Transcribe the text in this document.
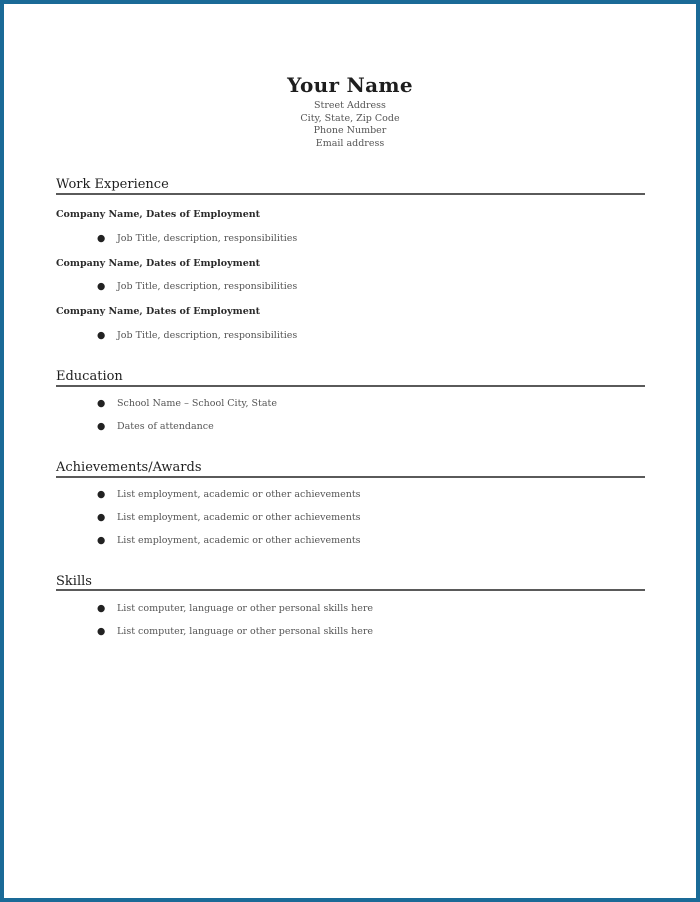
Your Name
Street Address
City, State, Zip Code
Phone Number
Email address
Work Experience
Company Name, Dates of Employment
● Job Title, description, responsibilities
Company Name, Dates of Employment
● Job Title, description, responsibilities
Company Name, Dates of Employment
● Job Title, description, responsibilities
Education
● School Name – School City, State
● Dates of attendance
Achievements/Awards
● List employment, academic or other achievements
● List employment, academic or other achievements
● List employment, academic or other achievements
Skills
● List computer, language or other personal skills here
● List computer, language or other personal skills here
